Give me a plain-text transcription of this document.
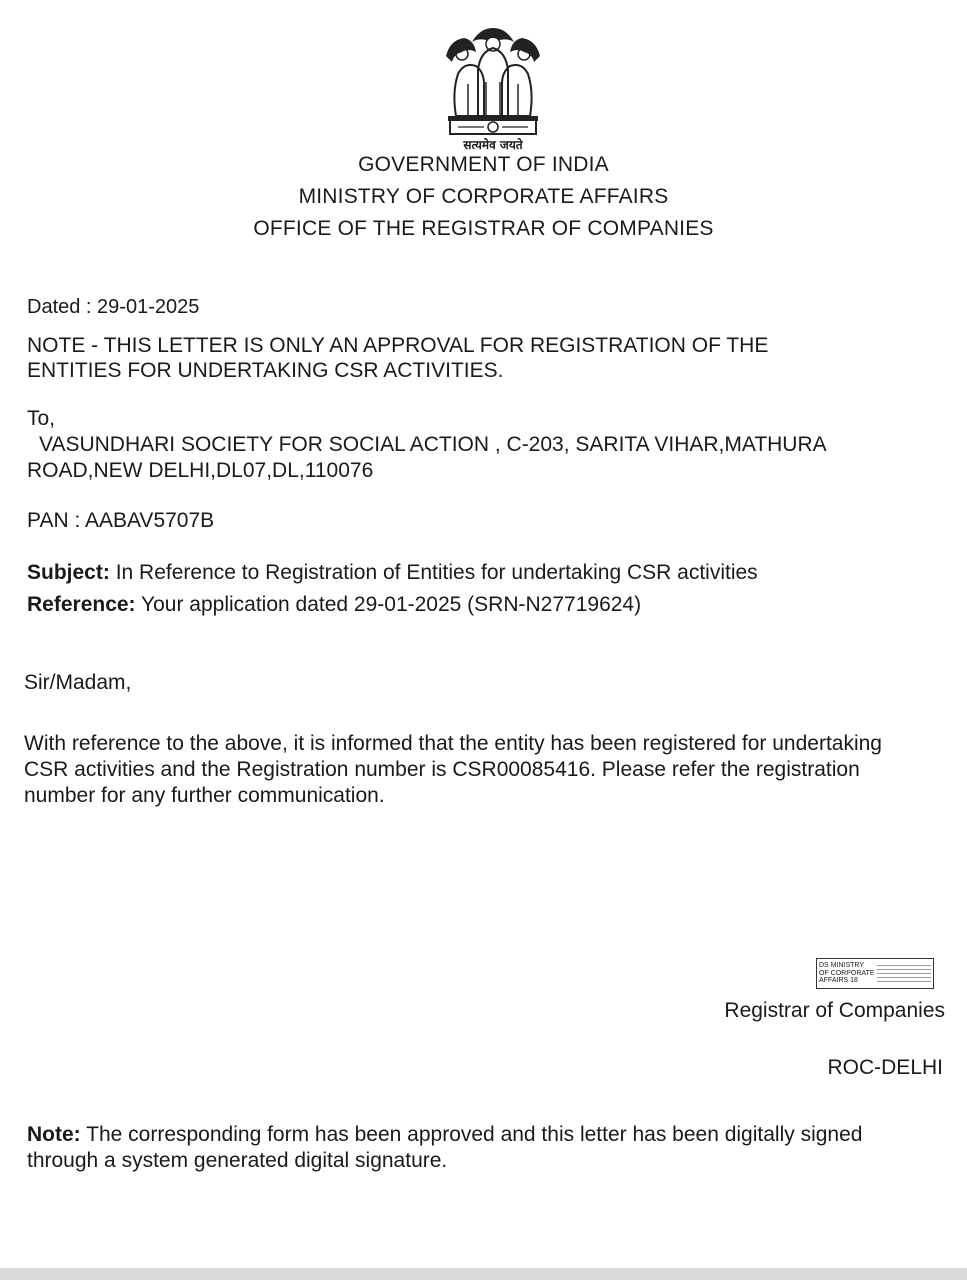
सत्यमेव जयते
GOVERNMENT OF INDIA
MINISTRY OF CORPORATE AFFAIRS
OFFICE OF THE REGISTRAR OF COMPANIES
Dated : 29-01-2025
NOTE - THIS LETTER IS ONLY AN APPROVAL FOR REGISTRATION OF THE
ENTITIES FOR UNDERTAKING CSR ACTIVITIES.
To,
VASUNDHARI SOCIETY FOR SOCIAL ACTION , C-203, SARITA VIHAR,MATHURA
ROAD,NEW DELHI,DL07,DL,110076
PAN : AABAV5707B
Subject: In Reference to Registration of Entities for undertaking CSR activities
Reference: Your application dated 29-01-2025 (SRN-N27719624)
Sir/Madam,
With reference to the above, it is informed that the entity has been registered for undertaking
CSR activities and the Registration number is CSR00085416. Please refer the registration
number for any further communication.
DS MINISTRY OF CORPORATE AFFAIRS 18
Registrar of Companies
ROC-DELHI
Note: The corresponding form has been approved and this letter has been digitally signed
through a system generated digital signature.
